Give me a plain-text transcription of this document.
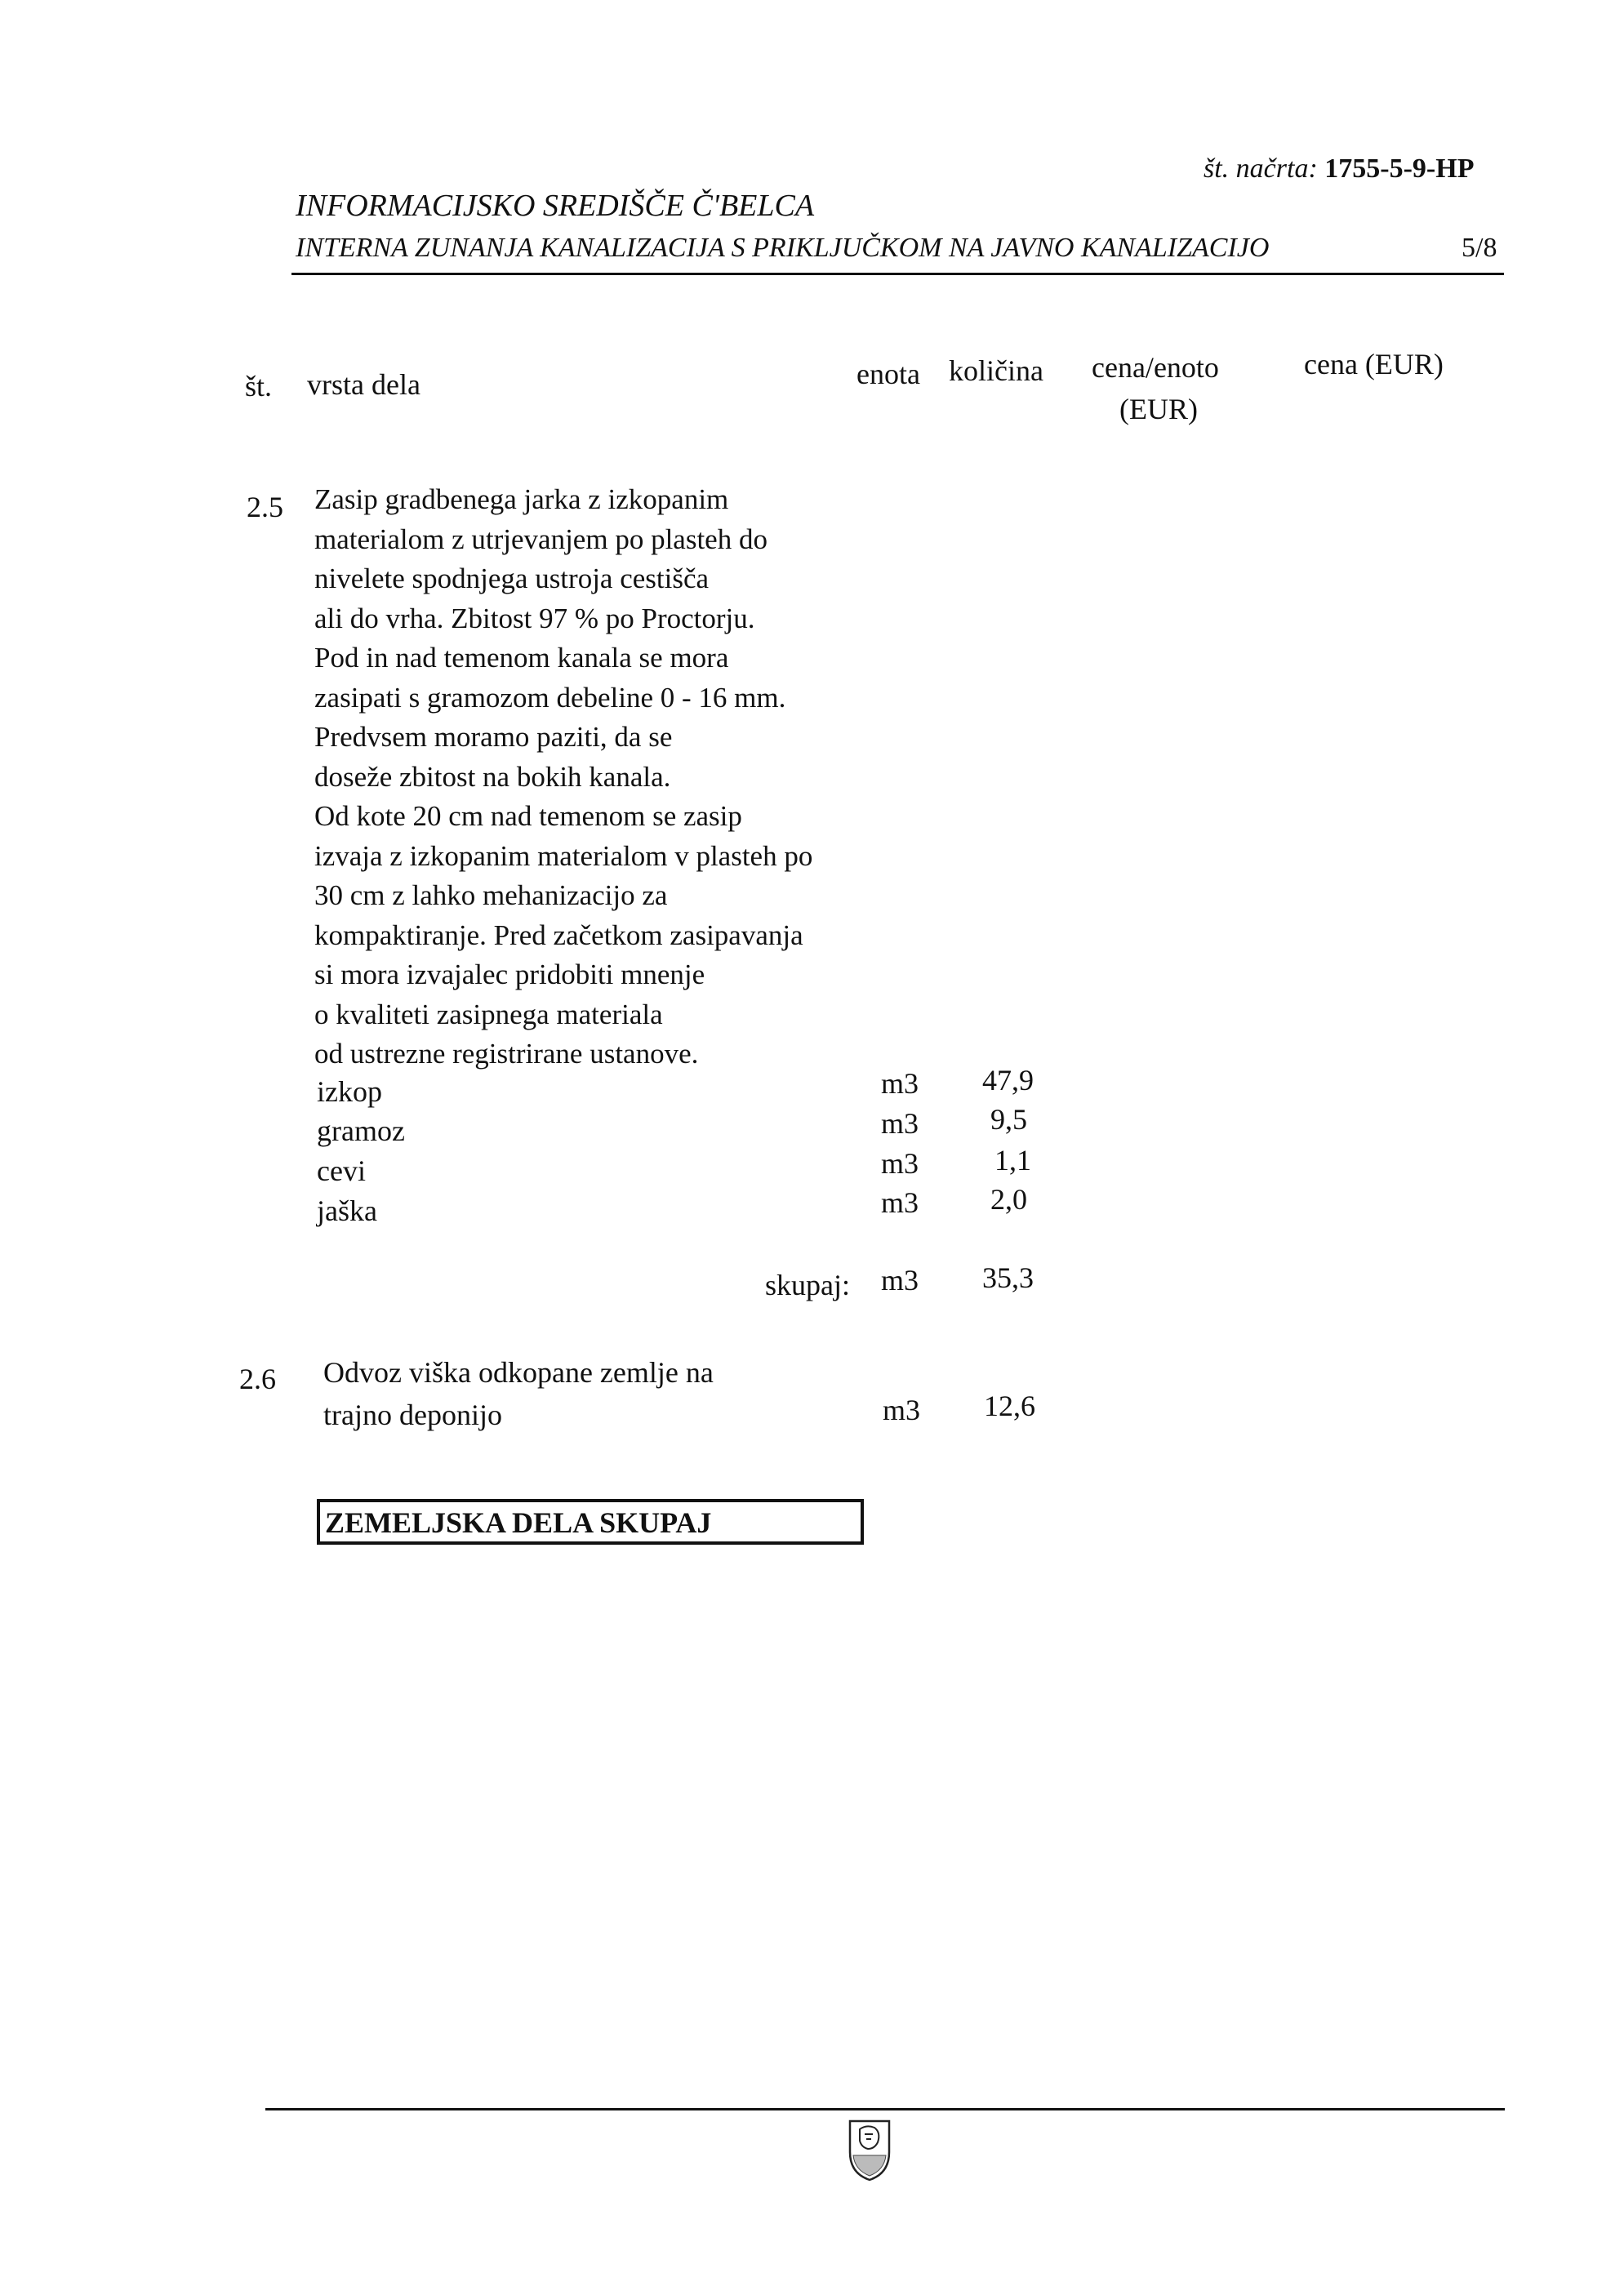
št. načrta: 1755-5-9-HP
INFORMACIJSKO SREDIŠČE Č'BELCA
INTERNA ZUNANJA KANALIZACIJA S PRIKLJUČKOM NA JAVNO KANALIZACIJO	5/8
št. vrsta dela	enota količina cena/enoto
(EUR)
cena (EUR)
2.5 Zasip gradbenega jarka z izkopanim
materialom z utrjevanjem po plasteh do
nivelete spodnjega ustroja cestišča
ali do vrha. Zbitost 97 % po Proctorju.
Pod in nad temenom kanala se mora
zasipati s gramozom debeline 0 - 16 mm.
Predvsem moramo paziti, da se
doseže zbitost na bokih kanala.
Od kote 20 cm nad temenom se zasip
izvaja z izkopanim materialom v plasteh po
30 cm z lahko mehanizacijo za
kompaktiranje. Pred začetkom zasipavanja
si mora izvajalec pridobiti mnenje
o kvaliteti zasipnega materiala
od ustrezne registrirane ustanove.
izkop	m3 47,9
gramoz	m3 9,5
cevi	m3	1,1
jaška	m3 2,0
skupaj: m3 35,3
2.6 Odvoz viška odkopane zemlje na
trajno deponijo	m3 12,6
ZEMELJSKA DELA SKUPAJ
